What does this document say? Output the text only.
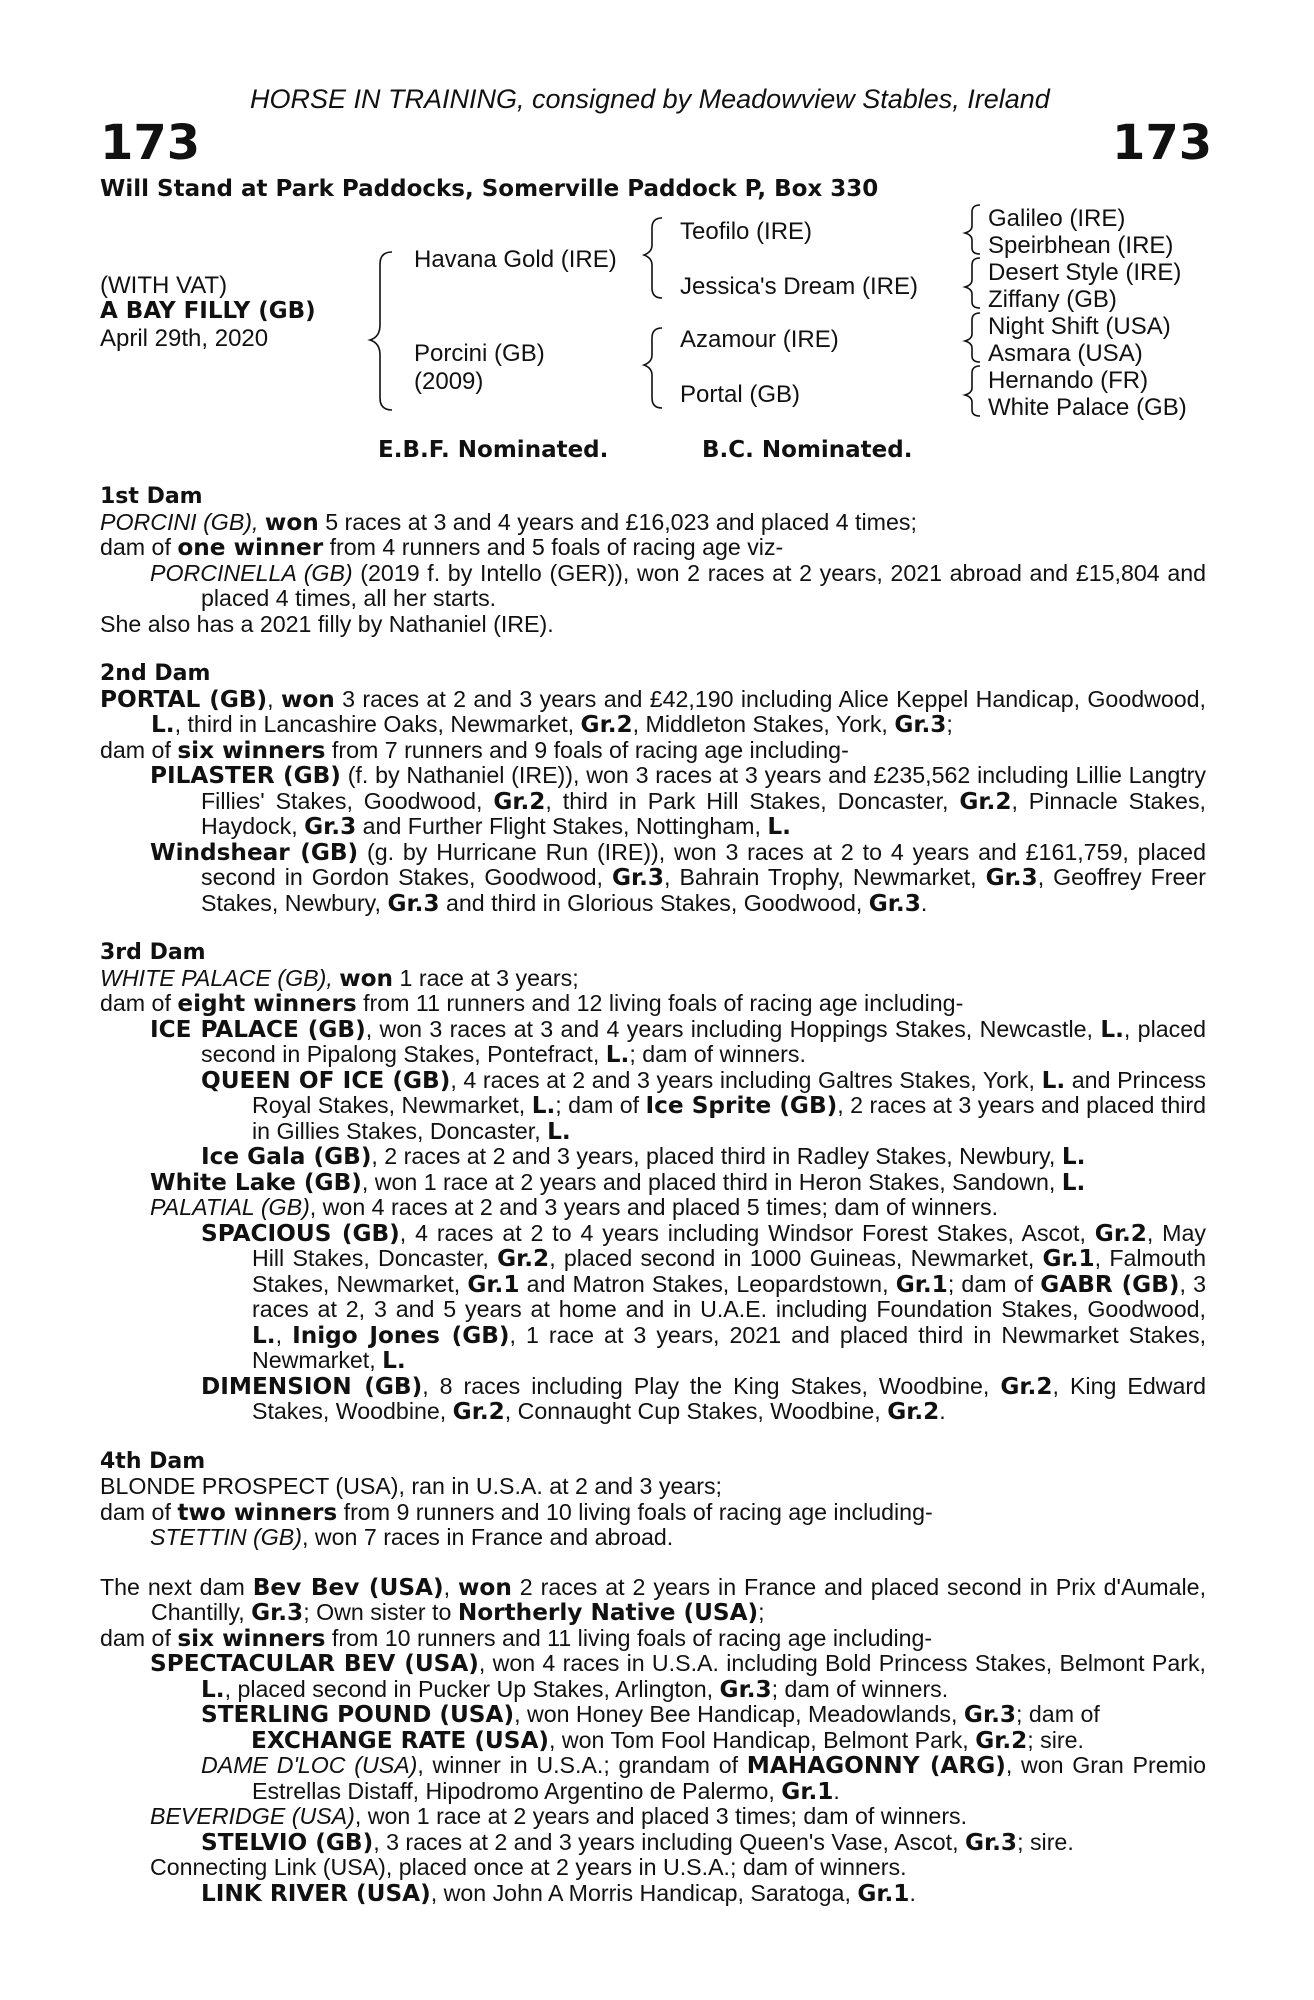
HORSE IN TRAINING, consigned by Meadowview Stables, Ireland
173	173
Will Stand at Park Paddocks, Somerville Paddock P, Box 330
(WITH VAT)
A BAY FILLY (GB)
April 29th, 2020
Havana Gold (IRE)
Porcini (GB)
(2009)
Teofilo (IRE)
Jessica's Dream (IRE)
Azamour (IRE)
Portal (GB)
Galileo (IRE)
Speirbhean (IRE)
Desert Style (IRE)
Ziffany (GB)
Night Shift (USA)
Asmara (USA)
Hernando (FR)
White Palace (GB)
E.B.F. Nominated.	B.C. Nominated.

1st Dam

PORCINI (GB), won 5 races at 3 and 4 years and £16,023 and placed 4 times;

dam of one winner from 4 runners and 5 foals of racing age viz-

PORCINELLA (GB) (2019 f. by Intello (GER)), won 2 races at 2 years, 2021 abroad and £15,804 and placed 4 times, all her starts.

She also has a 2021 filly by Nathaniel (IRE).

2nd Dam

PORTAL (GB), won 3 races at 2 and 3 years and £42,190 including Alice Keppel Handicap, Goodwood, L., third in Lancashire Oaks, Newmarket, Gr.2, Middleton Stakes, York, Gr.3;

dam of six winners from 7 runners and 9 foals of racing age including-

PILASTER (GB) (f. by Nathaniel (IRE)), won 3 races at 3 years and £235,562 including Lillie Langtry Fillies' Stakes, Goodwood, Gr.2, third in Park Hill Stakes, Doncaster, Gr.2, Pinnacle Stakes, Haydock, Gr.3 and Further Flight Stakes, Nottingham, L.

Windshear (GB) (g. by Hurricane Run (IRE)), won 3 races at 2 to 4 years and £161,759, placed second in Gordon Stakes, Goodwood, Gr.3, Bahrain Trophy, Newmarket, Gr.3, Geoffrey Freer Stakes, Newbury, Gr.3 and third in Glorious Stakes, Goodwood, Gr.3.

3rd Dam

WHITE PALACE (GB), won 1 race at 3 years;

dam of eight winners from 11 runners and 12 living foals of racing age including-

ICE PALACE (GB), won 3 races at 3 and 4 years including Hoppings Stakes, Newcastle, L., placed second in Pipalong Stakes, Pontefract, L.; dam of winners.

QUEEN OF ICE (GB), 4 races at 2 and 3 years including Galtres Stakes, York, L. and Princess Royal Stakes, Newmarket, L.; dam of Ice Sprite (GB), 2 races at 3 years and placed third in Gillies Stakes, Doncaster, L.

Ice Gala (GB), 2 races at 2 and 3 years, placed third in Radley Stakes, Newbury, L.

White Lake (GB), won 1 race at 2 years and placed third in Heron Stakes, Sandown, L.

PALATIAL (GB), won 4 races at 2 and 3 years and placed 5 times; dam of winners.

SPACIOUS (GB), 4 races at 2 to 4 years including Windsor Forest Stakes, Ascot, Gr.2, May Hill Stakes, Doncaster, Gr.2, placed second in 1000 Guineas, Newmarket, Gr.1, Falmouth Stakes, Newmarket, Gr.1 and Matron Stakes, Leopardstown, Gr.1; dam of GABR (GB), 3 races at 2, 3 and 5 years at home and in U.A.E. including Foundation Stakes, Goodwood, L., Inigo Jones (GB), 1 race at 3 years, 2021 and placed third in Newmarket Stakes, Newmarket, L.

DIMENSION (GB), 8 races including Play the King Stakes, Woodbine, Gr.2, King Edward Stakes, Woodbine, Gr.2, Connaught Cup Stakes, Woodbine, Gr.2.

4th Dam

BLONDE PROSPECT (USA), ran in U.S.A. at 2 and 3 years;

dam of two winners from 9 runners and 10 living foals of racing age including-

STETTIN (GB), won 7 races in France and abroad.

The next dam Bev Bev (USA), won 2 races at 2 years in France and placed second in Prix d'Aumale, Chantilly, Gr.3; Own sister to Northerly Native (USA);

dam of six winners from 10 runners and 11 living foals of racing age including-

SPECTACULAR BEV (USA), won 4 races in U.S.A. including Bold Princess Stakes, Belmont Park, L., placed second in Pucker Up Stakes, Arlington, Gr.3; dam of winners.

STERLING POUND (USA), won Honey Bee Handicap, Meadowlands, Gr.3; dam of

EXCHANGE RATE (USA), won Tom Fool Handicap, Belmont Park, Gr.2; sire.

DAME D'LOC (USA), winner in U.S.A.; grandam of MAHAGONNY (ARG), won Gran Premio Estrellas Distaff, Hipodromo Argentino de Palermo, Gr.1.

BEVERIDGE (USA), won 1 race at 2 years and placed 3 times; dam of winners.

STELVIO (GB), 3 races at 2 and 3 years including Queen's Vase, Ascot, Gr.3; sire.

Connecting Link (USA), placed once at 2 years in U.S.A.; dam of winners.

LINK RIVER (USA), won John A Morris Handicap, Saratoga, Gr.1.
